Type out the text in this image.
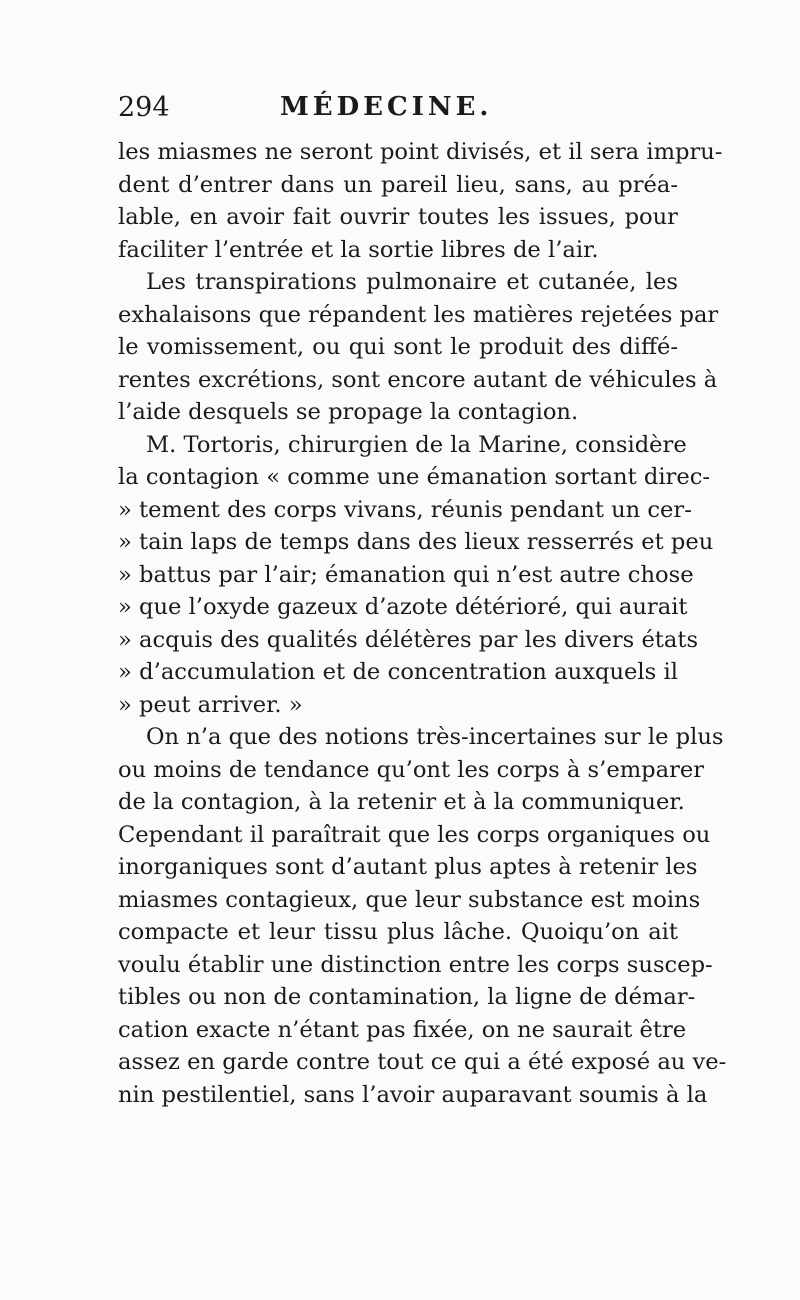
294	MÉDECINE.
les miasmes ne seront point divisés, et il sera impru-
dent d’entrer dans un pareil lieu, sans, au préa-
lable, en avoir fait ouvrir toutes les issues, pour
faciliter l’entrée et la sortie libres de l’air.
Les transpirations pulmonaire et cutanée, les
exhalaisons que répandent les matières rejetées par
le vomissement, ou qui sont le produit des diffé-
rentes excrétions, sont encore autant de véhicules à
l’aide desquels se propage la contagion.
M. Tortoris, chirurgien de la Marine, considère
la contagion « comme une émanation sortant direc-
» tement des corps vivans, réunis pendant un cer-
» tain laps de temps dans des lieux resserrés et peu
» battus par l’air; émanation qui n’est autre chose
» que l’oxyde gazeux d’azote détérioré, qui aurait
» acquis des qualités délétères par les divers états
» d’accumulation et de concentration auxquels il
» peut arriver. »
On n’a que des notions très-incertaines sur le plus
ou moins de tendance qu’ont les corps à s’emparer
de la contagion, à la retenir et à la communiquer.
Cependant il paraîtrait que les corps organiques ou
inorganiques sont d’autant plus aptes à retenir les
miasmes contagieux, que leur substance est moins
compacte et leur tissu plus lâche. Quoiqu’on ait
voulu établir une distinction entre les corps suscep-
tibles ou non de contamination, la ligne de démar-
cation exacte n’étant pas fixée, on ne saurait être
assez en garde contre tout ce qui a été exposé au ve-
nin pestilentiel, sans l’avoir auparavant soumis à la
